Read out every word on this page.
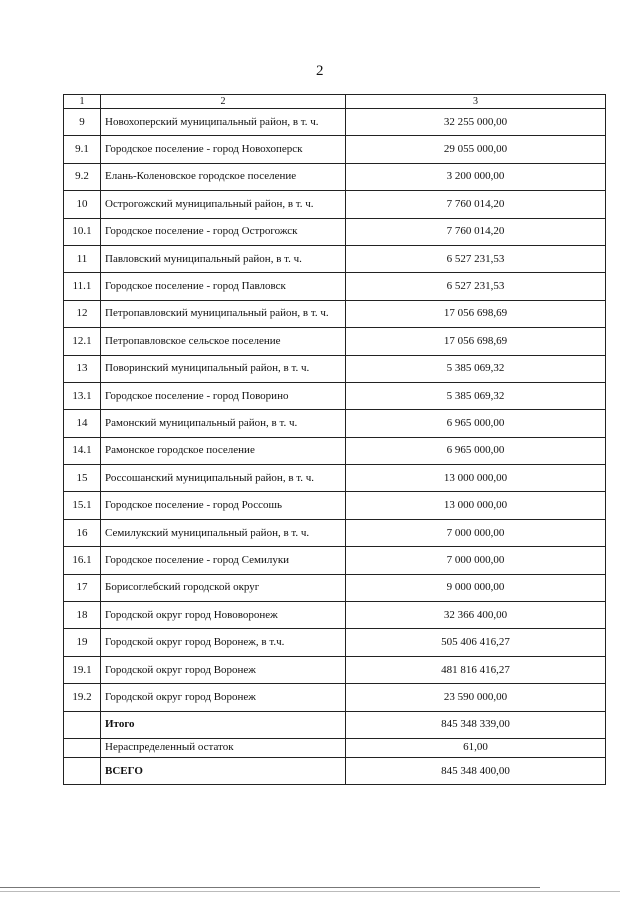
2
1	2	3
9	Новохоперский муниципальный район, в т. ч.	32 255 000,00
9.1	Городское поселение - город Новохоперск	29 055 000,00
9.2	Елань-Коленовское городское поселение	3 200 000,00
10	Острогожский муниципальный район, в т. ч.	7 760 014,20
10.1	Городское поселение - город Острогожск	7 760 014,20
11	Павловский муниципальный район, в т. ч.	6 527 231,53
11.1	Городское поселение - город Павловск	6 527 231,53
12	Петропавловский муниципальный район, в т. ч.	17 056 698,69
12.1	Петропавловское сельское поселение	17 056 698,69
13	Поворинский муниципальный район, в т. ч.	5 385 069,32
13.1	Городское поселение - город Поворино	5 385 069,32
14	Рамонский муниципальный район, в т. ч.	6 965 000,00
14.1	Рамонское городское поселение	6 965 000,00
15	Россошанский муниципальный район, в т. ч.	13 000 000,00
15.1	Городское поселение - город Россошь	13 000 000,00
16	Семилукский муниципальный район, в т. ч.	7 000 000,00
16.1	Городское поселение - город Семилуки	7 000 000,00
17	Борисоглебский городской округ	9 000 000,00
18	Городской округ город Нововоронеж	32 366 400,00
19	Городской округ город Воронеж, в т.ч.	505 406 416,27
19.1	Городской округ город Воронеж	481 816 416,27
19.2	Городской округ город Воронеж	23 590 000,00
	Итого	845 348 339,00
	Нераспределенный остаток	61,00
	ВСЕГО	845 348 400,00
